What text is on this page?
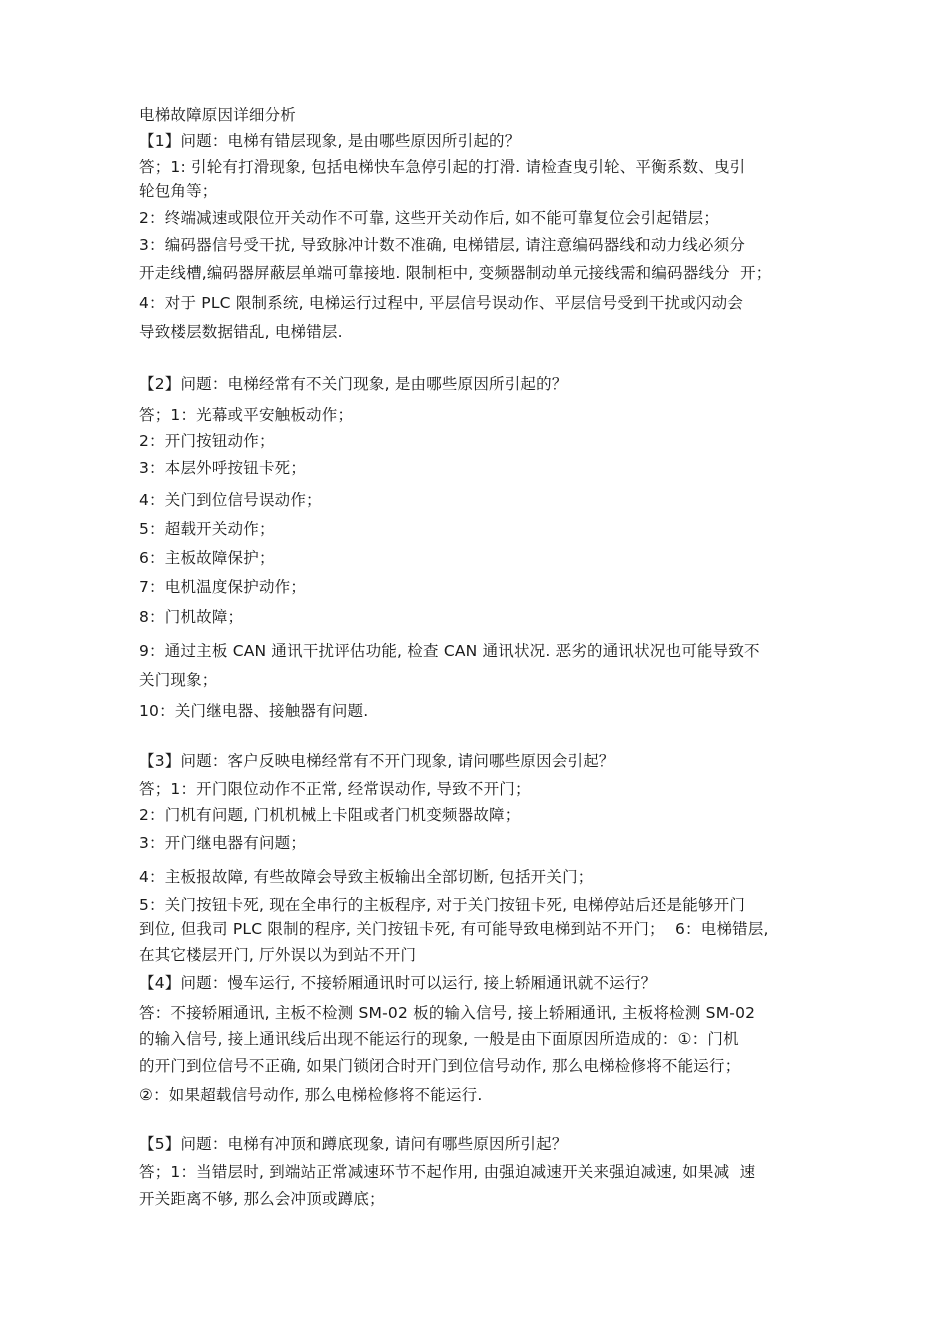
电梯故障原因详细分析
【1】问题：电梯有错层现象, 是由哪些原因所引起的？
答；1: 引轮有打滑现象, 包括电梯快车急停引起的打滑. 请检查曳引轮、平衡系数、曳引
轮包角等；
2：终端减速或限位开关动作不可靠, 这些开关动作后, 如不能可靠复位会引起错层；
3：编码器信号受干扰, 导致脉冲计数不准确, 电梯错层, 请注意编码器线和动力线必须分
开走线槽,编码器屏蔽层单端可靠接地. 限制柜中, 变频器制动单元接线需和编码器线分  开；
4：对于 PLC 限制系统, 电梯运行过程中, 平层信号误动作、平层信号受到干扰或闪动会
导致楼层数据错乱, 电梯错层.
【2】问题：电梯经常有不关门现象, 是由哪些原因所引起的？
答；1：光幕或平安触板动作；
2：开门按钮动作；
3：本层外呼按钮卡死；
4：关门到位信号误动作；
5：超载开关动作；
6：主板故障保护；
7：电机温度保护动作；
8：门机故障；
9：通过主板 CAN 通讯干扰评估功能, 检查 CAN 通讯状况. 恶劣的通讯状况也可能导致不
关门现象；
10：关门继电器、接触器有问题.
【3】问题：客户反映电梯经常有不开门现象, 请问哪些原因会引起？
答；1：开门限位动作不正常, 经常误动作, 导致不开门；
2：门机有问题, 门机机械上卡阻或者门机变频器故障；
3：开门继电器有问题；
4：主板报故障, 有些故障会导致主板输出全部切断, 包括开关门；
5：关门按钮卡死, 现在全串行的主板程序, 对于关门按钮卡死, 电梯停站后还是能够开门
到位, 但我司 PLC 限制的程序, 关门按钮卡死, 有可能导致电梯到站不开门；  6：电梯错层,
在其它楼层开门, 厅外误以为到站不开门
【4】问题：慢车运行, 不接轿厢通讯时可以运行, 接上轿厢通讯就不运行？
答：不接轿厢通讯, 主板不检测 SM-02 板的输入信号, 接上轿厢通讯, 主板将检测 SM-02
的输入信号, 接上通讯线后出现不能运行的现象, 一般是由下面原因所造成的：①：门机
的开门到位信号不正确, 如果门锁闭合时开门到位信号动作, 那么电梯检修将不能运行；
②：如果超载信号动作, 那么电梯检修将不能运行.
【5】问题：电梯有冲顶和蹲底现象, 请问有哪些原因所引起？
答；1：当错层时, 到端站正常减速环节不起作用, 由强迫减速开关来强迫减速, 如果减  速
开关距离不够, 那么会冲顶或蹲底；
